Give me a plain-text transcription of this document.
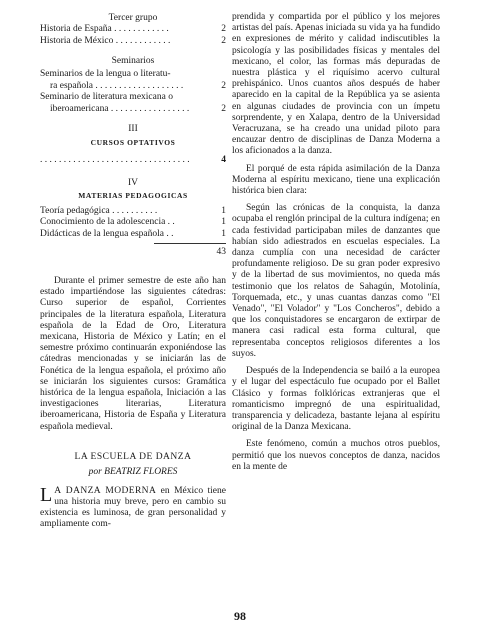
Tercer grupo

Historia de España . . . . . . . . . . . .	2
Historia de México . . . . . . . . . . . .	2

Seminarios

Seminarios de la lengua o literatu-
ra española . . . . . . . . . . . . . . . . . . .	2
Seminario de literatura mexicana o
iberoamericana . . . . . . . . . . . . . . . . .	2

III

CURSOS OPTATIVOS

. . . . . . . . . . . . . . . . . . . . . . . . . . . . . . . .	4

IV

MATERIAS PEDAGOGICAS

Teoría pedagógica . . . . . . . . . .	1
Conocimiento de la adolescencia . .	1
Didácticas de la lengua española . .	1

43

Durante el primer semestre de este año han estado impartiéndose las siguientes cátedras: Curso superior de español, Corrientes principales de la literatura española, Literatura española de la Edad de Oro, Literatura mexicana, Historia de México y Latín; en el semestre próximo continuarán exponiéndose las cátedras mencionadas y se iniciarán las de Fonética de la lengua española, el próximo año se iniciarán los siguientes cursos: Gramática histórica de la lengua española, Iniciación a las investigaciones literarias, Literatura iberoamericana, Historia de España y Literatura española medieval.

LA ESCUELA DE DANZA

por BEATRIZ FLORES

L A DANZA MODERNA en México tiene una historia muy breve, pero en cambio su existencia es luminosa, de gran personalidad y ampliamente com-

prendida y compartida por el público y los mejores artistas del país. Apenas iniciada su vida ya ha fundido en expresiones de mérito y calidad indiscutibles la psicología y las posibilidades físicas y mentales del mexicano, el color, las formas más depuradas de nuestra plástica y el riquísimo acervo cultural prehispánico. Unos cuantos años después de haber aparecido en la capital de la República ya se asienta en algunas ciudades de provincia con un ímpetu sorprendente, y en Xalapa, dentro de la Universidad Veracruzana, se ha creado una unidad piloto para encauzar dentro de disciplinas de Danza Moderna a los aficionados a la danza.

El porqué de esta rápida asimilación de la Danza Moderna al espíritu mexicano, tiene una explicación histórica bien clara:

Según las crónicas de la conquista, la danza ocupaba el renglón principal de la cultura indígena; en cada festividad participaban miles de danzantes que habían sido adiestrados en escuelas especiales. La danza cumplía con una necesidad de carácter profundamente religioso. De su gran poder expresivo y de la libertad de sus movimientos, no queda más testimonio que los relatos de Sahagún, Motolinía, Torquemada, etc., y unas cuantas danzas como "El Venado", "El Volador" y "Los Concheros", debido a que los conquistadores se encargaron de extirpar de manera casi radical esta forma cultural, que representaba conceptos religiosos diferentes a los suyos.

Después de la Independencia se bailó a la europea y el lugar del espectáculo fue ocupado por el Ballet Clásico y formas folklóricas extranjeras que el romanticismo impregnó de una espiritualidad, transparencia y delicadeza, bastante lejana al espíritu original de la Danza Mexicana.

Este fenómeno, común a muchos otros pueblos, permitió que los nuevos conceptos de danza, nacidos en la mente de

98
